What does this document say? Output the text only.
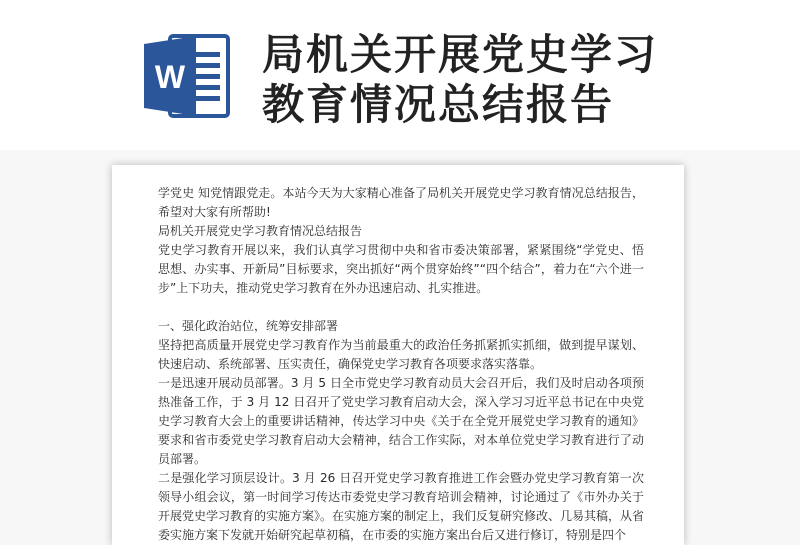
W 局机关开展党史学习
教育情况总结报告

学党史 知党情跟党走。本站今天为大家精心准备了局机关开展党史学习教育情况总结报告，希望对大家有所帮助!

局机关开展党史学习教育情况总结报告

党史学习教育开展以来，我们认真学习贯彻中央和省市委决策部署，紧紧围绕“学党史、悟思想、办实事、开新局”目标要求，突出抓好“两个贯穿始终”“四个结合”，着力在“六个进一步”上下功夫，推动党史学习教育在外办迅速启动、扎实推进。

一、强化政治站位，统筹安排部署

坚持把高质量开展党史学习教育作为当前最重大的政治任务抓紧抓实抓细，做到提早谋划、快速启动、系统部署、压实责任，确保党史学习教育各项要求落实落靠。

一是迅速开展动员部署。3 月 5 日全市党史学习教育动员大会召开后，我们及时启动各项预热准备工作，于 3 月 12 日召开了党史学习教育启动大会，深入学习习近平总书记在中央党史学习教育大会上的重要讲话精神，传达学习中央《关于在全党开展党史学习教育的通知》要求和省市委党史学习教育启动大会精神，结合工作实际，对本单位党史学习教育进行了动员部署。

二是强化学习顶层设计。3 月 26 日召开党史学习教育推进工作会暨办党史学习教育第一次领导小组会议，第一时间学习传达市委党史学习教育培训会精神，讨论通过了《市外办关于开展党史学习教育的实施方案》。在实施方案的制定上，我们反复研究修改、几易其稿，从省委实施方案下发就开始研究起草初稿，在市委的实施方案出台后又进行修订，特别是四个
